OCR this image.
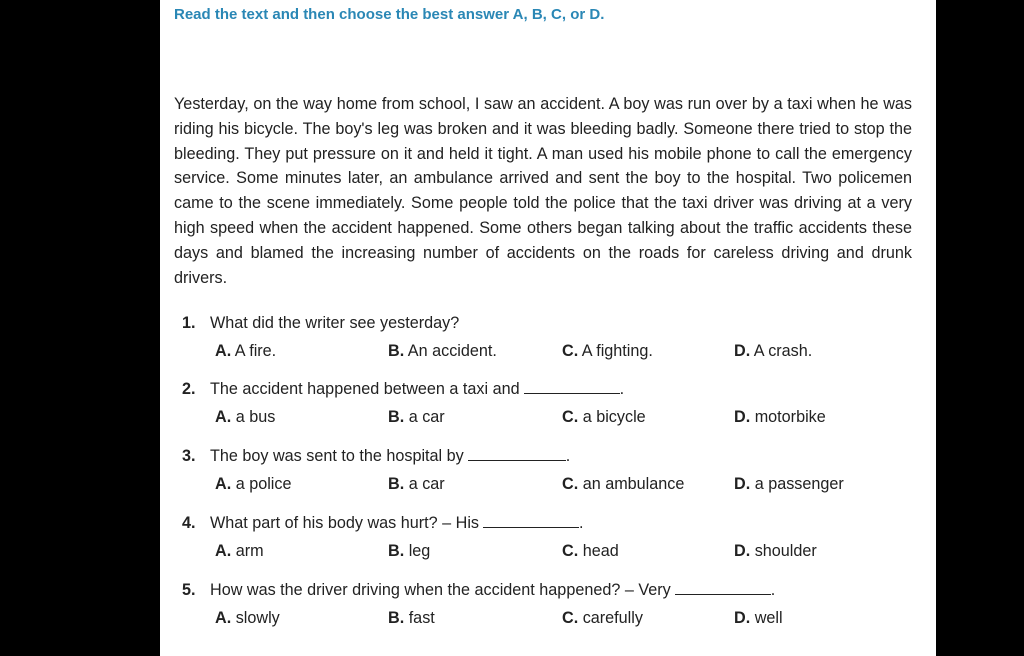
Read the text and then choose the best answer A, B, C, or D.

Yesterday, on the way home from school, I saw an accident. A boy was run over by a taxi when he was riding his bicycle. The boy's leg was broken and it was bleeding badly. Someone there tried to stop the bleeding. They put pressure on it and held it tight. A man used his mobile phone to call the emergency service. Some minutes later, an ambulance arrived and sent the boy to the hospital. Two policemen came to the scene immediately. Some people told the police that the taxi driver was driving at a very high speed when the accident happened. Some others began talking about the traffic accidents these days and blamed the increasing number of accidents on the roads for careless driving and drunk drivers.

1. What did the writer see yesterday?
A. A fire.	B. An accident.	C. A fighting.	D. A crash.
2. The accident happened between a taxi and	.
A. a bus	B. a car	C. a bicycle	D. motorbike
3. The boy was sent to the hospital by	.
A. a police	B. a car	C. an ambulance	D. a passenger
4. What part of his body was hurt? – His	.
A. arm	B. leg	C. head	D. shoulder
5. How was the driver driving when the accident happened? – Very	.
A. slowly	B. fast	C. carefully	D. well
